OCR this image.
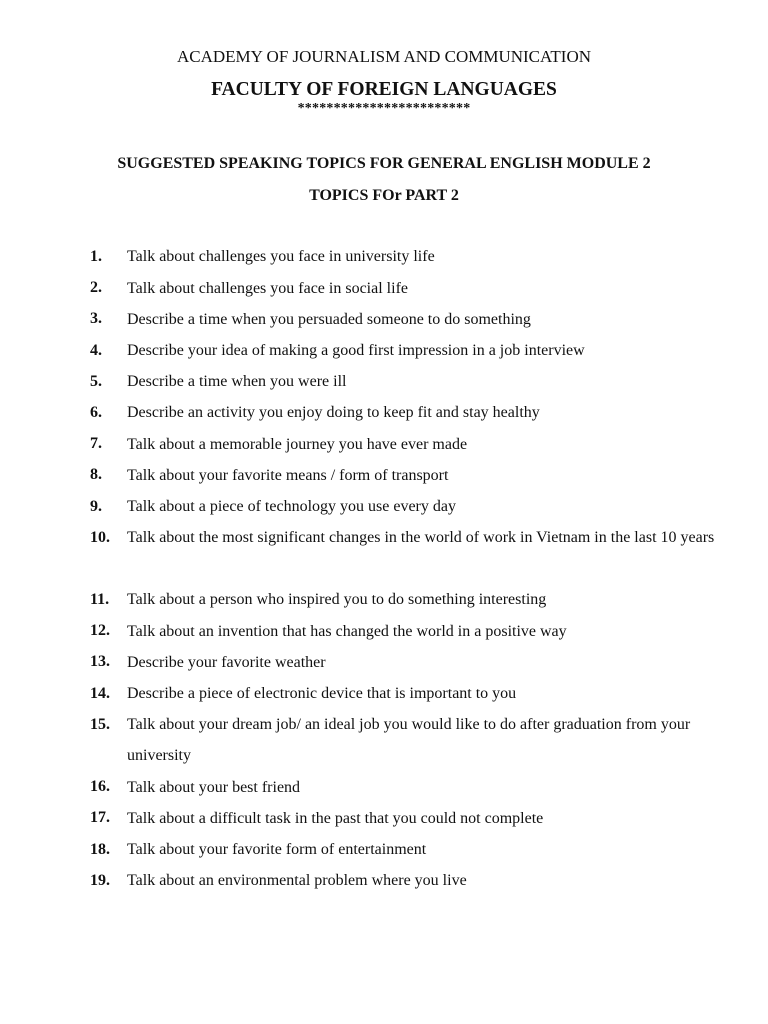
ACADEMY OF JOURNALISM AND COMMUNICATION
FACULTY OF FOREIGN LANGUAGES
************************
SUGGESTED SPEAKING TOPICS FOR GENERAL ENGLISH MODULE 2
TOPICS FOr PART 2
1. Talk about challenges you face in university life
2. Talk about challenges you face in social life
3. Describe a time when you persuaded someone to do something
4. Describe your idea of making a good first impression in a job interview
5. Describe a time when you were ill
6. Describe an activity you enjoy doing to keep fit and stay healthy
7. Talk about a memorable journey you have ever made
8. Talk about your favorite means / form of transport
9. Talk about a piece of technology you use every day
10. Talk about the most significant changes in the world of work in Vietnam in the last 10 years
11. Talk about a person who inspired you to do something interesting
12. Talk about an invention that has changed the world in a positive way
13. Describe your favorite weather
14. Describe a piece of electronic device that is important to you
15. Talk about your dream job/ an ideal job you would like to do after graduation from your university
16. Talk about your best friend
17. Talk about a difficult task in the past that you could not complete
18. Talk about your favorite form of entertainment
19. Talk about an environmental problem where you live
